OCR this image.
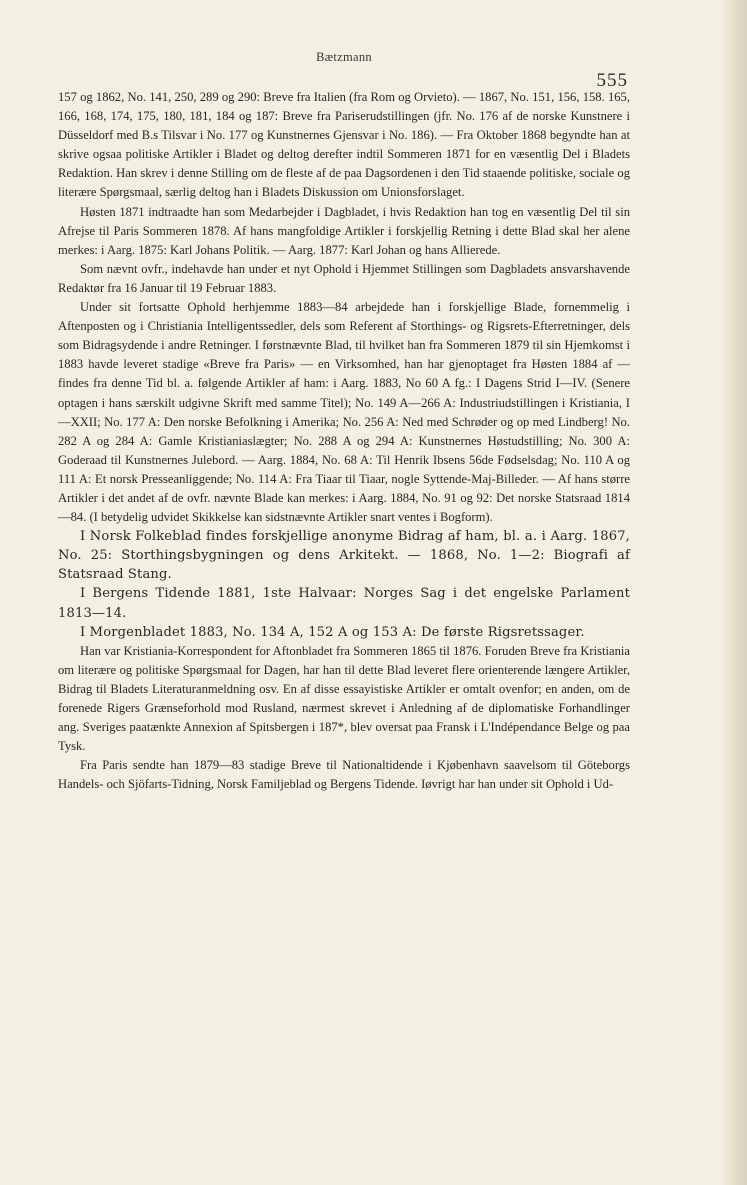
Bætzmann
555

157 og 1862, No. 141, 250, 289 og 290: Breve fra Italien (fra Rom og Orvieto). — 1867, No. 151, 156, 158. 165, 166, 168, 174, 175, 180, 181, 184 og 187: Breve fra Pariserudstillingen (jfr. No. 176 af de norske Kunstnere i Düsseldorf med B.s Tilsvar i No. 177 og Kunstnernes Gjensvar i No. 186). — Fra Oktober 1868 begyndte han at skrive ogsaa politiske Artikler i Bladet og deltog derefter indtil Sommeren 1871 for en væsentlig Del i Bladets Redaktion. Han skrev i denne Stilling om de fleste af de paa Dagsordenen i den Tid staaende politiske, sociale og literære Spørgsmaal, særlig deltog han i Bladets Diskussion om Unionsforslaget.

Høsten 1871 indtraadte han som Medarbejder i Dagbladet, i hvis Redaktion han tog en væsentlig Del til sin Afrejse til Paris Sommeren 1878. Af hans mangfoldige Artikler i forskjellig Retning i dette Blad skal her alene merkes: i Aarg. 1875: Karl Johans Politik. — Aarg. 1877: Karl Johan og hans Allierede.

Som nævnt ovfr., indehavde han under et nyt Ophold i Hjemmet Stillingen som Dagbladets ansvarshavende Redaktør fra 16 Januar til 19 Februar 1883.

Under sit fortsatte Ophold herhjemme 1883—84 arbejdede han i forskjellige Blade, fornemmelig i Aftenposten og i Christiania Intelligentssedler, dels som Referent af Storthings- og Rigsrets-Efterretninger, dels som Bidragsydende i andre Retninger. I førstnævnte Blad, til hvilket han fra Sommeren 1879 til sin Hjemkomst i 1883 havde leveret stadige «Breve fra Paris» — en Virksomhed, han har gjenoptaget fra Høsten 1884 af — findes fra denne Tid bl. a. følgende Artikler af ham: i Aarg. 1883, No 60 A fg.: I Dagens Strid I—IV. (Senere optagen i hans særskilt udgivne Skrift med samme Titel); No. 149 A—266 A: Industriudstillingen i Kristiania, I—XXII; No. 177 A: Den norske Befolkning i Amerika; No. 256 A: Ned med Schrøder og op med Lindberg! No. 282 A og 284 A: Gamle Kristianiaslægter; No. 288 A og 294 A: Kunstnernes Høstudstilling; No. 300 A: Goderaad til Kunstnernes Julebord. — Aarg. 1884, No. 68 A: Til Henrik Ibsens 56de Fødselsdag; No. 110 A og 111 A: Et norsk Presseanliggende; No. 114 A: Fra Tiaar til Tiaar, nogle Syttende-Maj-Billeder. — Af hans større Artikler i det andet af de ovfr. nævnte Blade kan merkes: i Aarg. 1884, No. 91 og 92: Det norske Statsraad 1814—84. (I betydelig udvidet Skikkelse kan sidstnævnte Artikler snart ventes i Bogform).

I Norsk Folkeblad findes forskjellige anonyme Bidrag af ham, bl. a. i Aarg. 1867, No. 25: Storthingsbygningen og dens Arkitekt. — 1868, No. 1—2: Biografi af Statsraad Stang.

I Bergens Tidende 1881, 1ste Halvaar: Norges Sag i det engelske Parlament 1813—14.

I Morgenbladet 1883, No. 134 A, 152 A og 153 A: De første Rigsretssager.

Han var Kristiania-Korrespondent for Aftonbladet fra Sommeren 1865 til 1876. Foruden Breve fra Kristiania om literære og politiske Spørgsmaal for Dagen, har han til dette Blad leveret flere orienterende længere Artikler, Bidrag til Bladets Literaturanmeldning osv. En af disse essayistiske Artikler er omtalt ovenfor; en anden, om de forenede Rigers Grænseforhold mod Rusland, nærmest skrevet i Anledning af de diplomatiske Forhandlinger ang. Sveriges paatænkte Annexion af Spitsbergen i 187*, blev oversat paa Fransk i L'Indépendance Belge og paa Tysk.

Fra Paris sendte han 1879—83 stadige Breve til Nationaltidende i Kjøbenhavn saavelsom til Göteborgs Handels- och Sjöfarts-Tidning, Norsk Familjeblad og Bergens Tidende. Iøvrigt har han under sit Ophold i Ud-
